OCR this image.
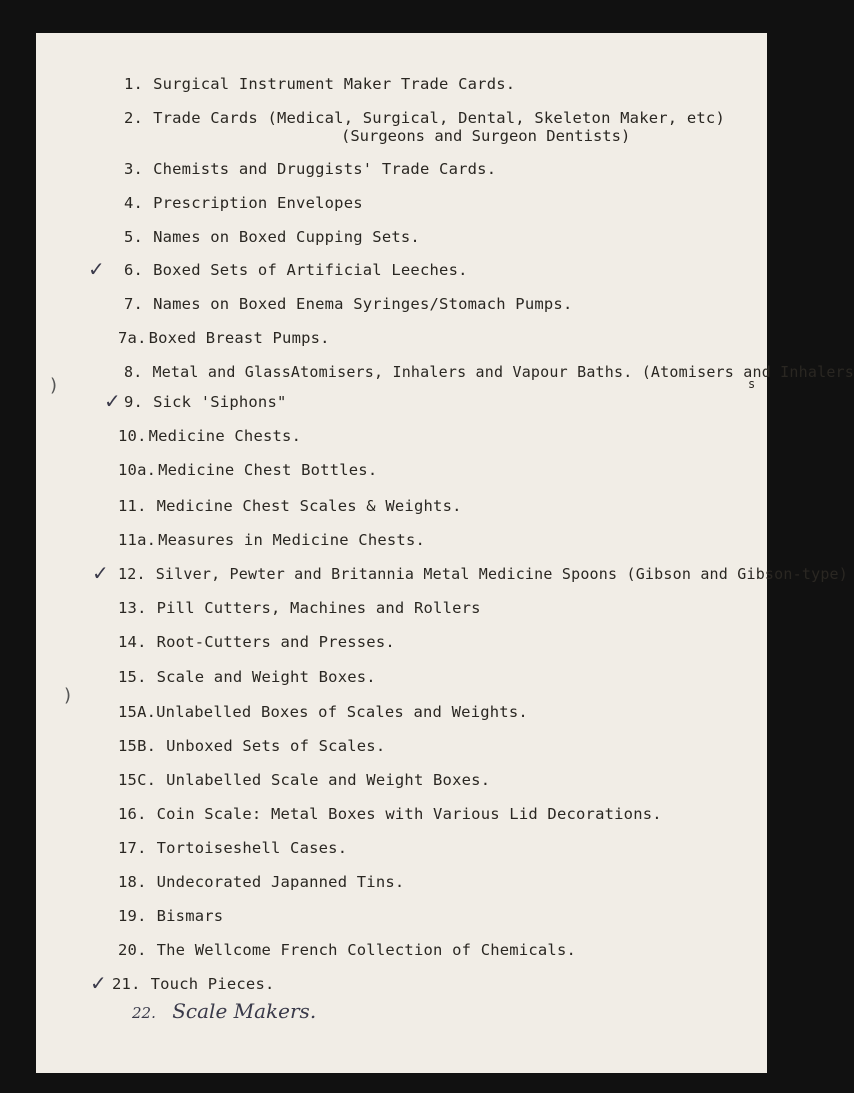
1. Surgical Instrument Maker Trade Cards.
2. Trade Cards (Medical, Surgical, Dental, Skeleton Maker, etc)
(Surgeons and Surgeon Dentists)
3. Chemists and Druggists' Trade Cards.
4. Prescription Envelopes
5. Names on Boxed Cupping Sets.
✓ 6. Boxed Sets of Artificial Leeches.
7. Names on Boxed Enema Syringes/Stomach Pumps.
7a. Boxed Breast Pumps.
8. Metal and GlassAtomisers, Inhalers and Vapour Baths. (Atomisers and Inhalers
s
)
✓ 9. Sick 'Siphons"
10. Medicine Chests.
10a. Medicine Chest Bottles.
11. Medicine Chest Scales & Weights.
11a. Measures in Medicine Chests.
✓ 12. Silver, Pewter and Britannia Metal Medicine Spoons (Gibson and Gibson-type)
13. Pill Cutters, Machines and Rollers
14. Root-Cutters and Presses.
15. Scale and Weight Boxes.
)
15A.Unlabelled Boxes of Scales and Weights.
15B. Unboxed Sets of Scales.
15C. Unlabelled Scale and Weight Boxes.
16. Coin Scale: Metal Boxes with Various Lid Decorations.
17. Tortoiseshell Cases.
18. Undecorated Japanned Tins.
19. Bismars
20. The Wellcome French Collection of Chemicals.
✓ 21. Touch Pieces.
22. Scale Makers.
